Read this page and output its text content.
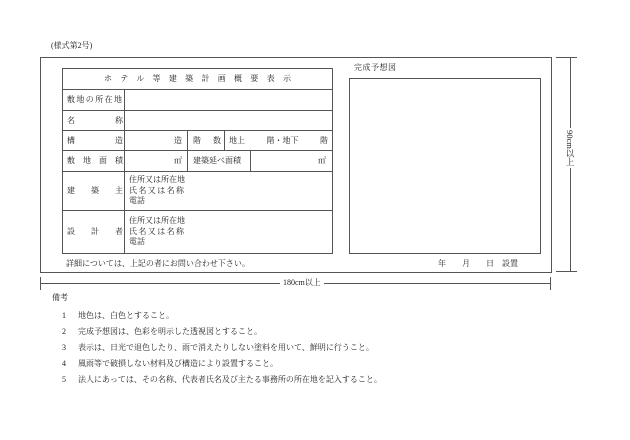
(様式第2号)
ホテル等建築計画概要表示				
敷地の所在地				
名称				
構造	造	階数	地上 階・地下 階	

敷地面積	㎡	建築延べ面積		㎡
建築主	住所又は所在地
氏名又は名称
電話			

設計者	住所又は所在地
氏名又は名称
電話			
完成予想図
詳細については、上記の者にお問い合わせ下さい。	年　　月　　日　設置
90cm以上
180cm以上
備考
1	地色は、白色とすること。
2	完成予想図は、色彩を明示した透視図とすること。
3	表示は、日光で退色したり、雨で消えたりしない塗料を用いて、鮮明に行うこと。
4	風雨等で破損しない材料及び構造により設置すること。
5	法人にあっては、その名称、代表者氏名及び主たる事務所の所在地を記入すること。
